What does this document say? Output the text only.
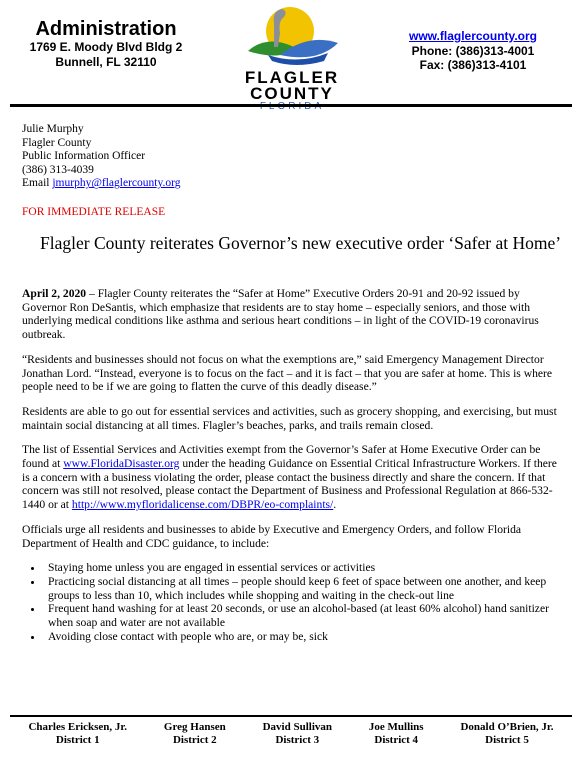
Administration
1769 E. Moody Blvd Bldg 2
Bunnell, FL 32110
FLAGLER
COUNTY
FLORIDA
www.flaglercounty.org
Phone: (386)313-4001
Fax: (386)313-4101
Julie Murphy
Flagler County
Public Information Officer
(386) 313-4039
Email jmurphy@flaglercounty.org
FOR IMMEDIATE RELEASE
Flagler County reiterates Governor’s new executive order ‘Safer at Home’

April 2, 2020 – Flagler County reiterates the “Safer at Home” Executive Orders 20-91 and 20-92 issued by Governor Ron DeSantis, which emphasize that residents are to stay home – especially seniors, and those with underlying medical conditions like asthma and serious heart conditions – in light of the COVID-19 coronavirus outbreak.

“Residents and businesses should not focus on what the exemptions are,” said Emergency Management Director Jonathan Lord. “Instead, everyone is to focus on the fact – and it is fact – that you are safer at home. This is where people need to be if we are going to flatten the curve of this deadly disease.”

Residents are able to go out for essential services and activities, such as grocery shopping, and exercising, but must maintain social distancing at all times. Flagler’s beaches, parks, and trails remain closed.

The list of Essential Services and Activities exempt from the Governor’s Safer at Home Executive Order can be found at www.FloridaDisaster.org under the heading Guidance on Essential Critical Infrastructure Workers. If there is a concern with a business violating the order, please contact the business directly and share the concern. If that concern was still not resolved, please contact the Department of Business and Professional Regulation at 866-532-1440 or at http://www.myfloridalicense.com/DBPR/eo-complaints/.

Officials urge all residents and businesses to abide by Executive and Emergency Orders, and follow Florida Department of Health and CDC guidance, to include:

• Staying home unless you are engaged in essential services or activities
• Practicing social distancing at all times – people should keep 6 feet of space between one another, and keep groups to less than 10, which includes while shopping and waiting in the check-out line
• Frequent hand washing for at least 20 seconds, or use an alcohol-based (at least 60% alcohol) hand sanitizer when soap and water are not available
• Avoiding close contact with people who are, or may be, sick
Charles Ericksen, Jr.
District 1
Greg Hansen
District 2
David Sullivan
District 3
Joe Mullins
District 4
Donald O’Brien, Jr.
District 5
